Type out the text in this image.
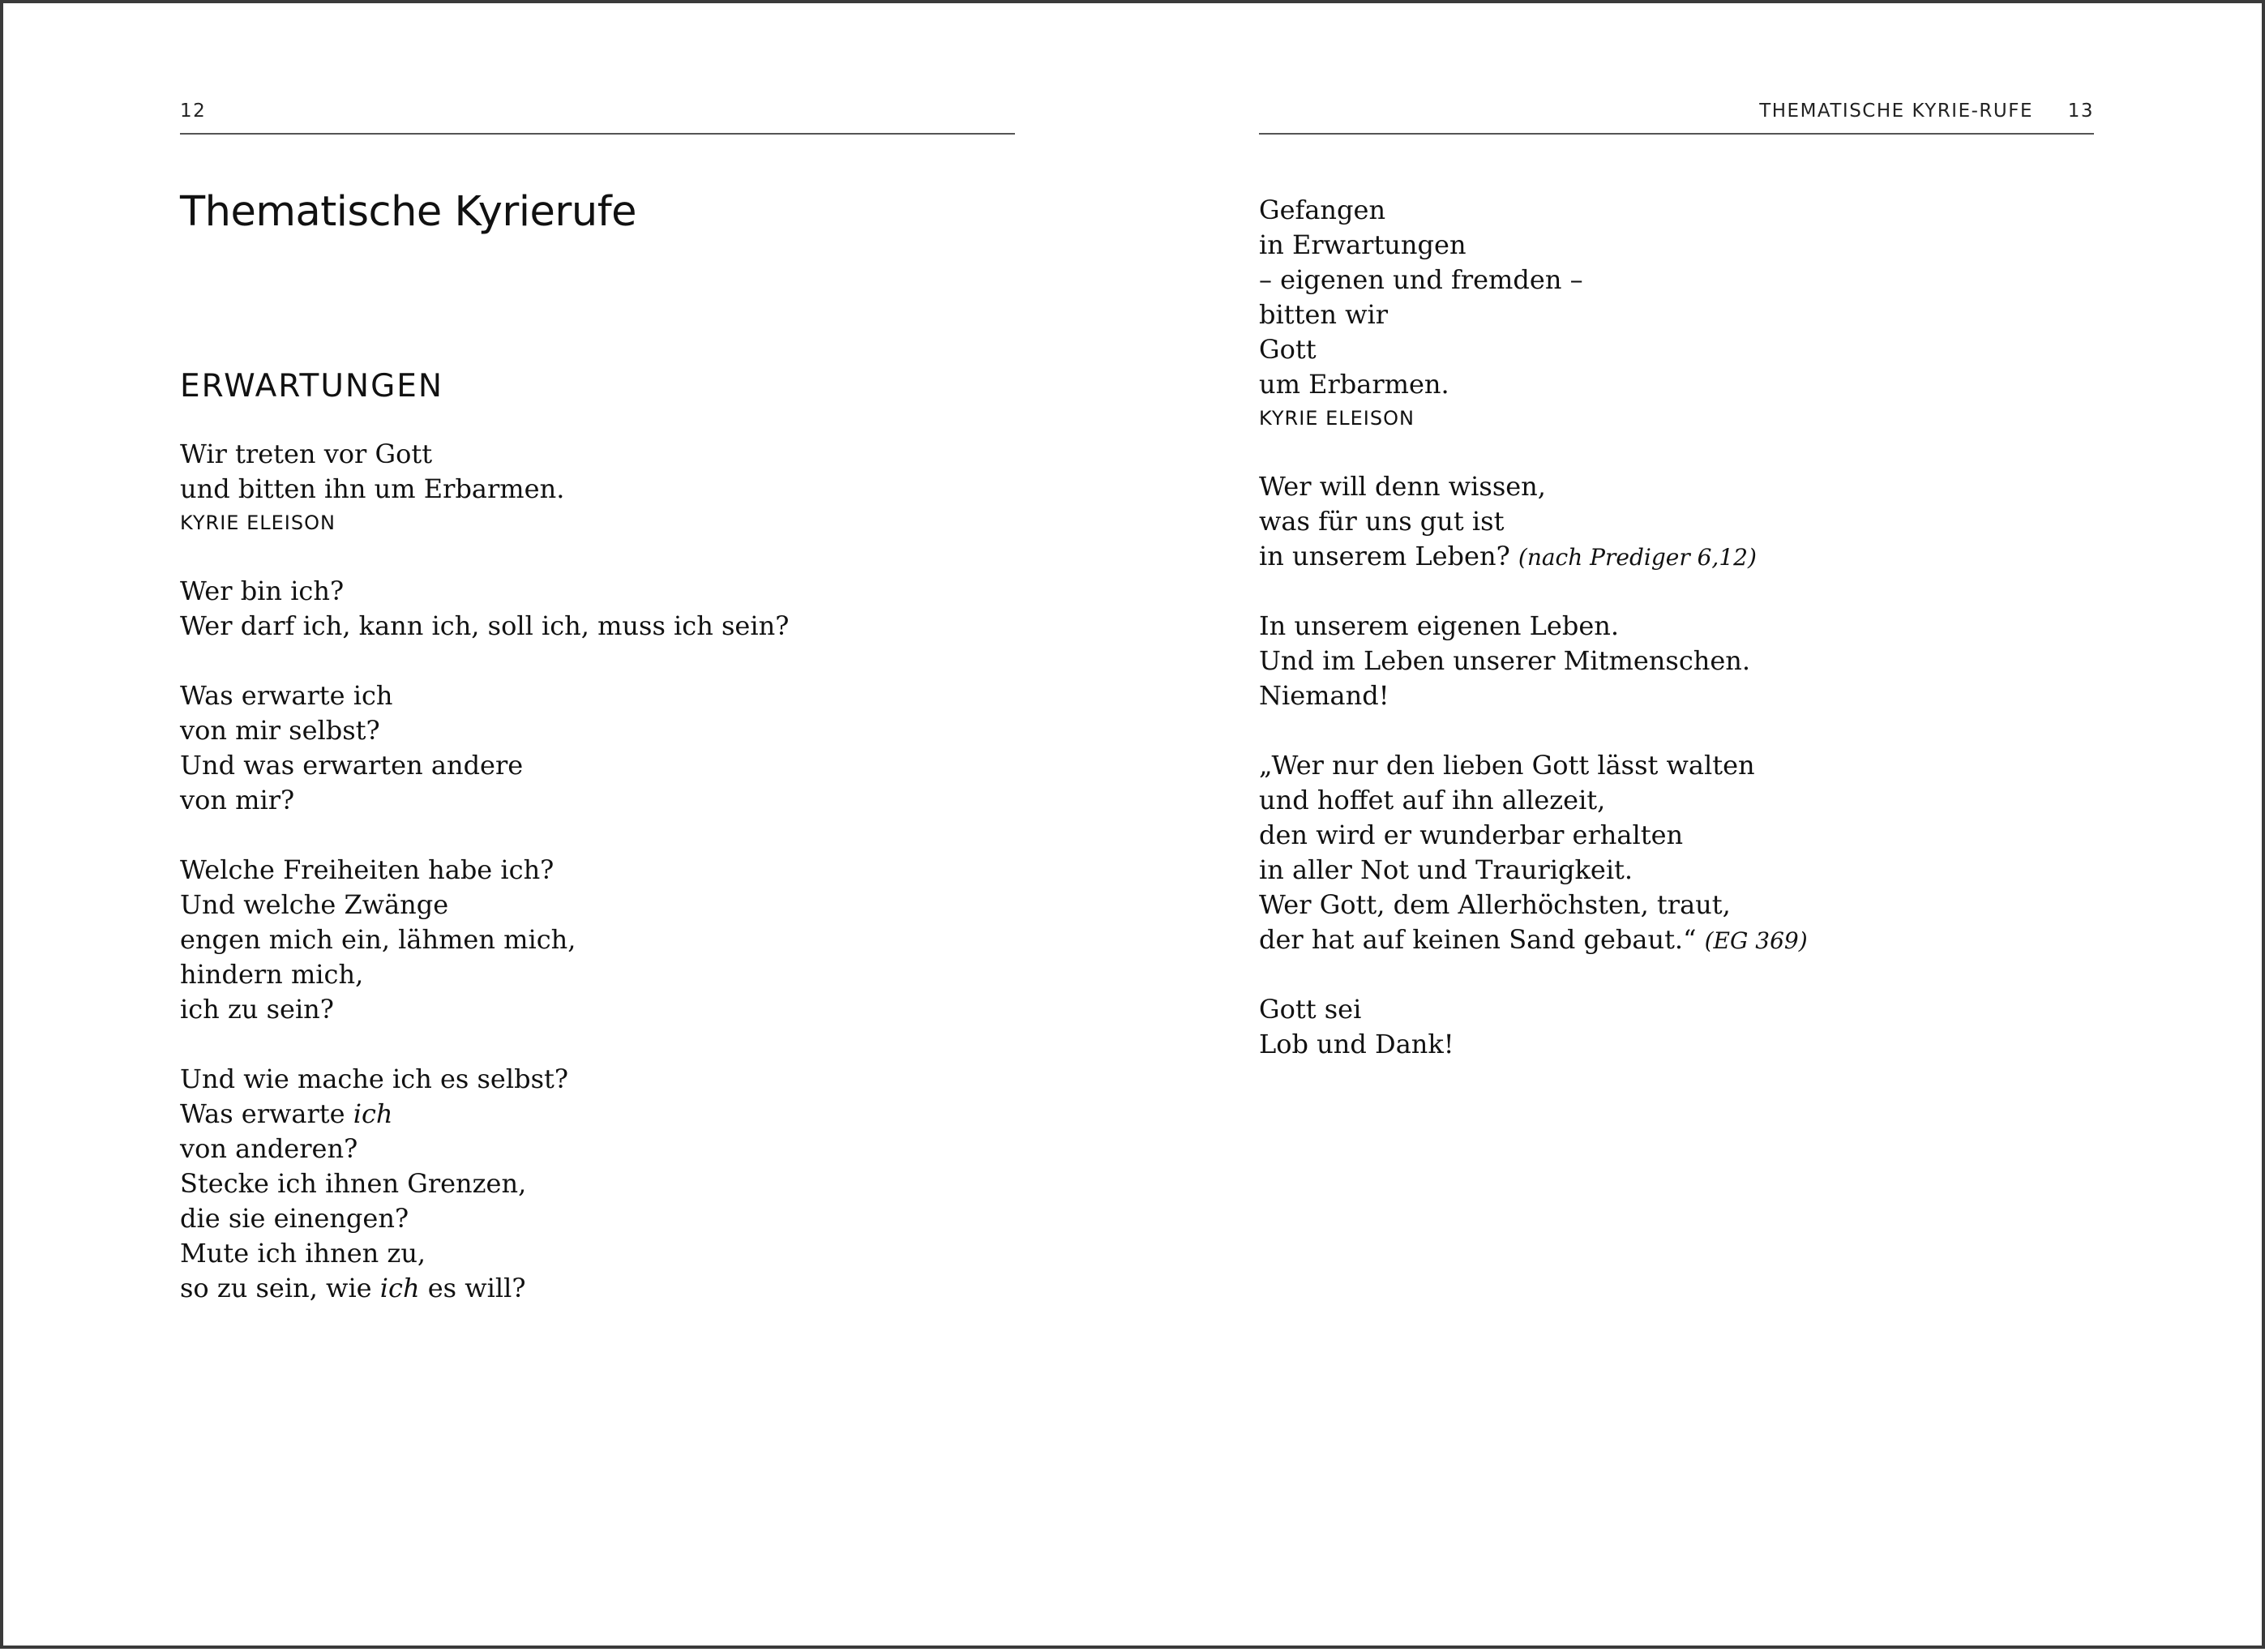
12
Thematische Kyrierufe
ERWARTUNGEN
Wir treten vor Gott
und bitten ihn um Erbarmen.
KYRIE ELEISON
Wer bin ich?
Wer darf ich, kann ich, soll ich, muss ich sein?
Was erwarte ich
von mir selbst?
Und was erwarten andere
von mir?
Welche Freiheiten habe ich?
Und welche Zwänge
engen mich ein, lähmen mich,
hindern mich,
ich zu sein?
Und wie mache ich es selbst?
Was erwarte ich
von anderen?
Stecke ich ihnen Grenzen,
die sie einengen?
Mute ich ihnen zu,
so zu sein, wie ich es will?
THEMATISCHE KYRIE-RUFE 13
Gefangen
in Erwartungen
– eigenen und fremden –
bitten wir
Gott
um Erbarmen.
KYRIE ELEISON
Wer will denn wissen,
was für uns gut ist
in unserem Leben? (nach Prediger 6,12)
In unserem eigenen Leben.
Und im Leben unserer Mitmenschen.
Niemand!
„Wer nur den lieben Gott lässt walten
und hoffet auf ihn allezeit,
den wird er wunderbar erhalten
in aller Not und Traurigkeit.
Wer Gott, dem Allerhöchsten, traut,
der hat auf keinen Sand gebaut.“ (EG 369)
Gott sei
Lob und Dank!
